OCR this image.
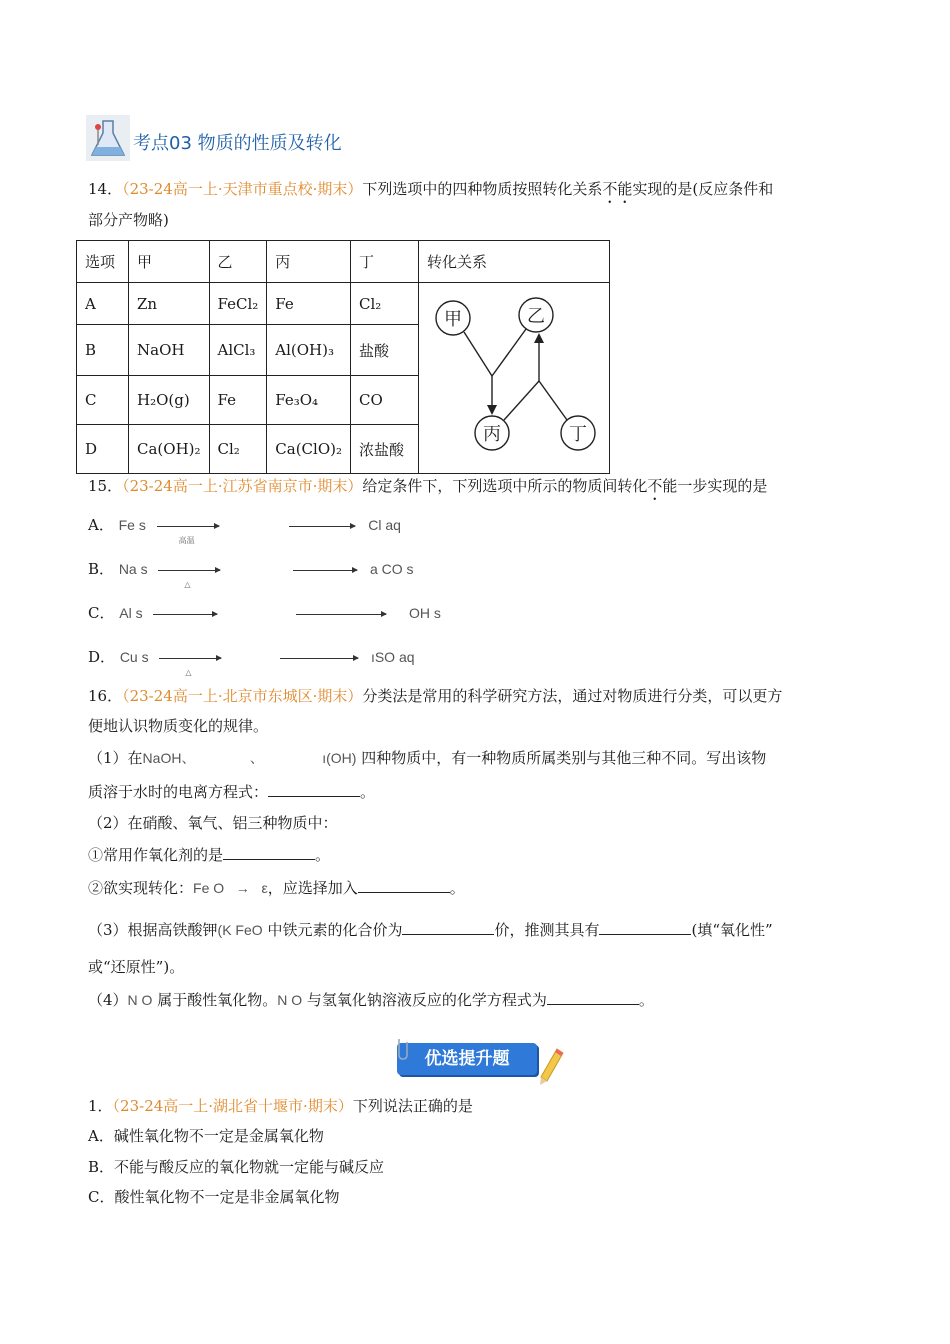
考点03 物质的性质及转化
14．（23-24高一上·天津市重点校·期末）下列选项中的四种物质按照转化关系不能实现的是(反应条件和
部分产物略)
选项	甲	乙	丙	丁	转化关系
A	Zn	FeCl₂	Fe	Cl₂	甲 乙
丙 丁

B	NaOH	AlCl₃	Al(OH)₃	盐酸	
C	H₂O(g)	Fe	Fe₃O₄	CO	
D	Ca(OH)₂	Cl₂	Ca(ClO)₂	浓盐酸	
15．（23-24高一上·江苏省南京市·期末）给定条件下，下列选项中所示的物质间转化不能一步实现的是
A． Fe s
高温
Cl aq
B． Na s
△
a CO s
C． Al s	OH s
D． Cu s
△
ıSO aq
16．（23-24高一上·北京市东城区·期末）分类法是常用的科学研究方法，通过对物质进行分类，可以更方
便地认识物质变化的规律。
（1）在NaOH、              、               ı(OH) 四种物质中，有一种物质所属类别与其他三种不同。写出该物
质溶于水时的电离方程式：	。
（2）在硝酸、氧气、铝三种物质中：
①常用作氧化剂的是	。
②欲实现转化：Fe O   →   ε，应选择加入	。
（3）根据高铁酸钾(K FeO 中铁元素的化合价为	价，推测其具有	(填“氧化性”
或“还原性”)。
（4）N O 属于酸性氧化物。N O 与氢氧化钠溶液反应的化学方程式为	。
优选提升题
1．（23-24高一上·湖北省十堰市·期末）下列说法正确的是
A．碱性氧化物不一定是金属氧化物
B．不能与酸反应的氧化物就一定能与碱反应
C．酸性氧化物不一定是非金属氧化物
